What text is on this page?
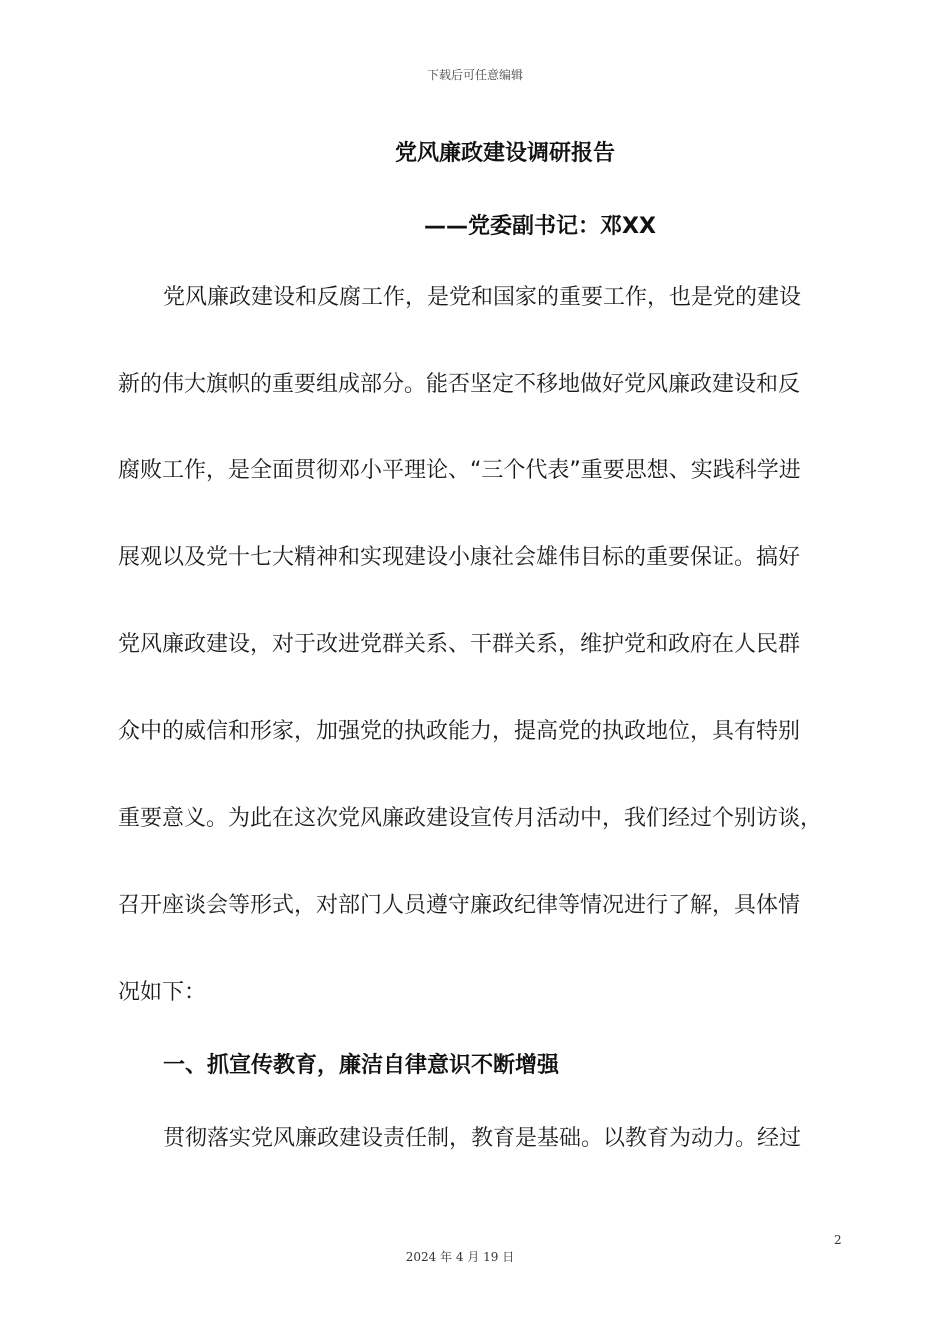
下载后可任意编辑
党风廉政建设调研报告
——党委副书记：邓XX
党风廉政建设和反腐工作，是党和国家的重要工作，也是党的建设
新的伟大旗帜的重要组成部分。能否坚定不移地做好党风廉政建设和反
腐败工作，是全面贯彻邓小平理论、“三个代表”重要思想、实践科学进
展观以及党十七大精神和实现建设小康社会雄伟目标的重要保证。搞好
党风廉政建设，对于改进党群关系、干群关系，维护党和政府在人民群
众中的威信和形家，加强党的执政能力，提高党的执政地位，具有特别
重要意义。为此在这次党风廉政建设宣传月活动中，我们经过个别访谈，
召开座谈会等形式，对部门人员遵守廉政纪律等情况进行了解，具体情
况如下：
一、抓宣传教育，廉洁自律意识不断增强
贯彻落实党风廉政建设责任制，教育是基础。以教育为动力。经过
2
2024 年 4 月 19 日
